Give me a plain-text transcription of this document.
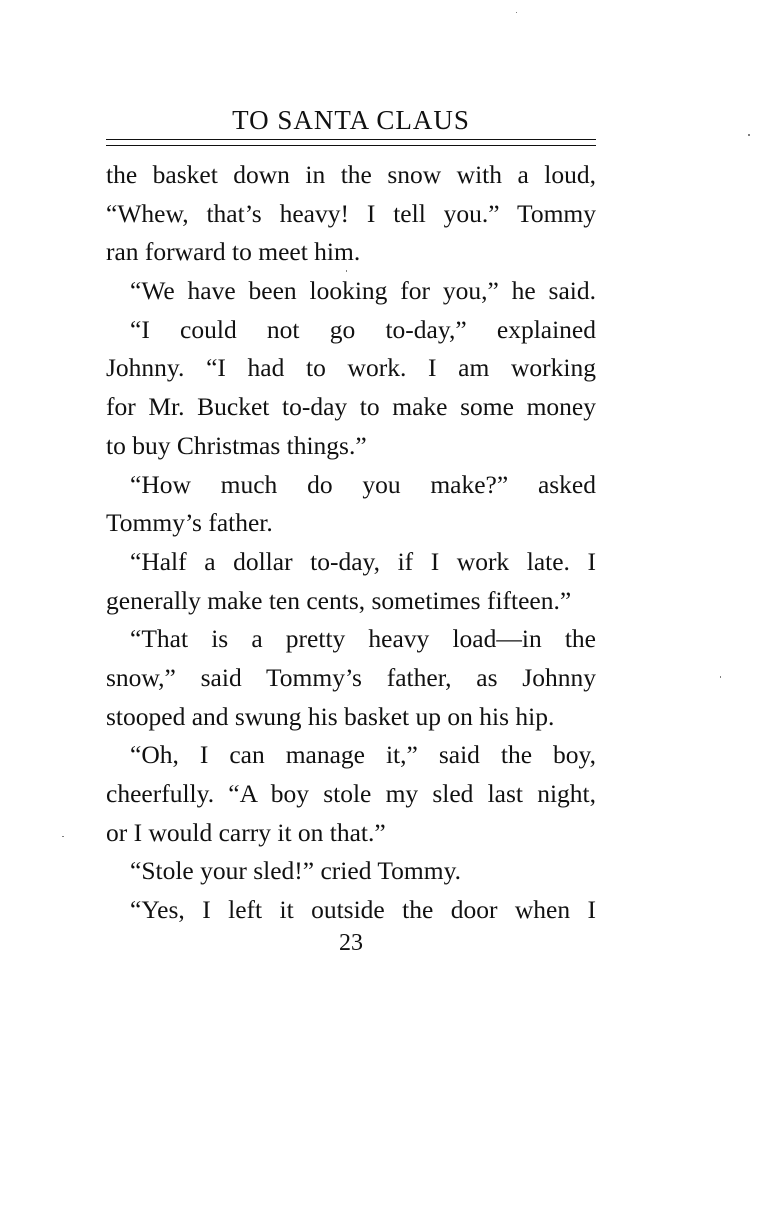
TO SANTA CLAUS
the basket down in the snow with a loud,
“Whew, that’s heavy! I tell you.” Tommy
ran forward to meet him.
“We have been looking for you,” he said.
“I could not go to-day,” explained
Johnny. “I had to work. I am working
for Mr. Bucket to-day to make some money
to buy Christmas things.”
“How much do you make?” asked
Tommy’s father.
“Half a dollar to-day, if I work late. I
generally make ten cents, sometimes fifteen.”
“That is a pretty heavy load—in the
snow,” said Tommy’s father, as Johnny
stooped and swung his basket up on his hip.
“Oh, I can manage it,” said the boy,
cheerfully. “A boy stole my sled last night,
or I would carry it on that.”
“Stole your sled!” cried Tommy.
“Yes, I left it outside the door when I
23
